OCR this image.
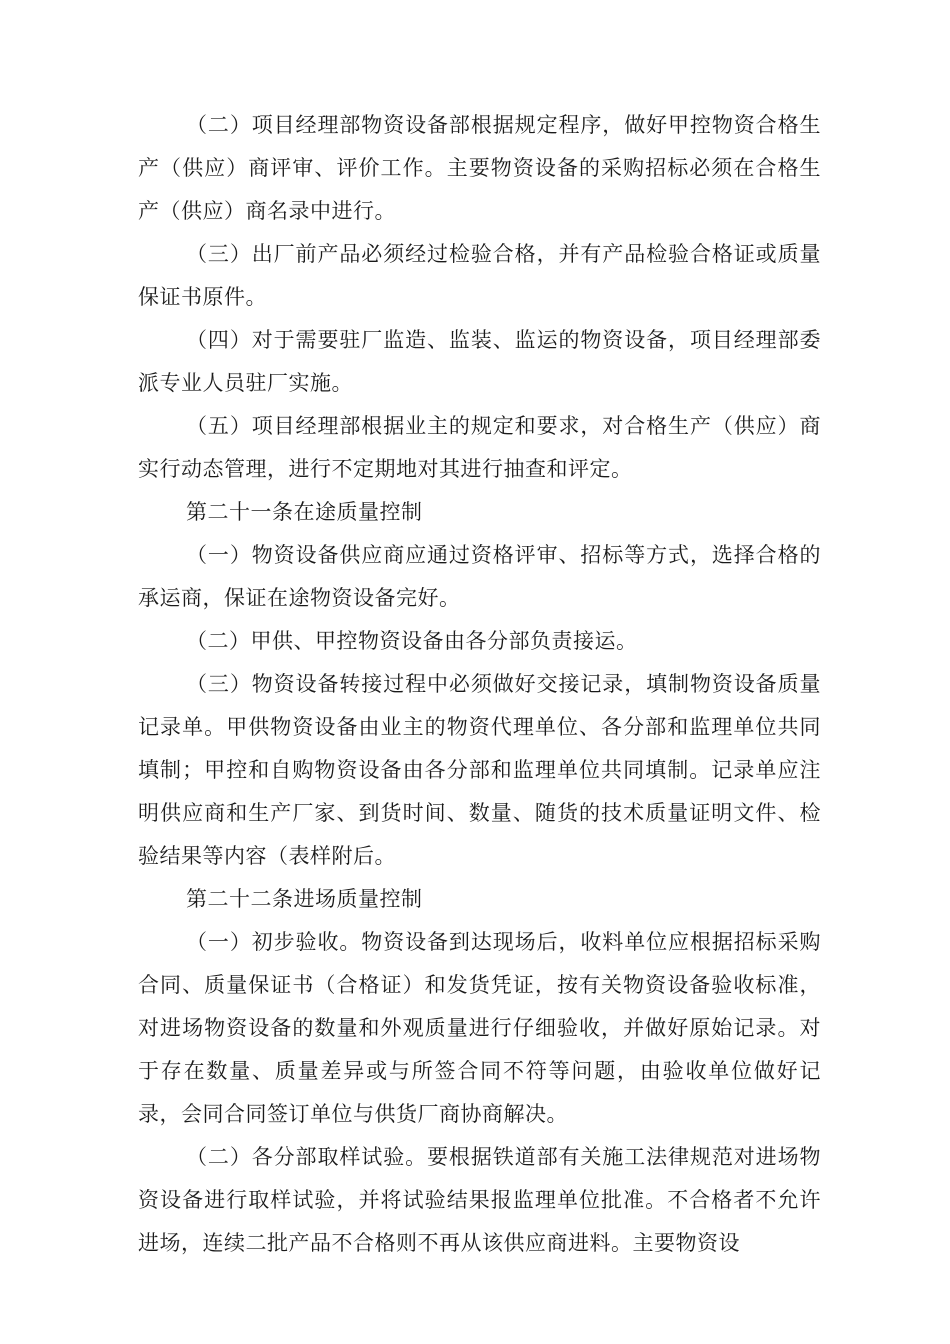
（二）项目经理部物资设备部根据规定程序，做好甲控物资合格生产（供应）商评审、评价工作。主要物资设备的采购招标必须在合格生产（供应）商名录中进行。

（三）出厂前产品必须经过检验合格，并有产品检验合格证或质量保证书原件。

（四）对于需要驻厂监造、监装、监运的物资设备，项目经理部委派专业人员驻厂实施。

（五）项目经理部根据业主的规定和要求，对合格生产（供应）商实行动态管理，进行不定期地对其进行抽查和评定。

第二十一条在途质量控制

（一）物资设备供应商应通过资格评审、招标等方式，选择合格的承运商，保证在途物资设备完好。

（二）甲供、甲控物资设备由各分部负责接运。

（三）物资设备转接过程中必须做好交接记录，填制物资设备质量记录单。甲供物资设备由业主的物资代理单位、各分部和监理单位共同填制；甲控和自购物资设备由各分部和监理单位共同填制。记录单应注明供应商和生产厂家、到货时间、数量、随货的技术质量证明文件、检验结果等内容（表样附后。

第二十二条进场质量控制

（一）初步验收。物资设备到达现场后，收料单位应根据招标采购合同、质量保证书（合格证）和发货凭证，按有关物资设备验收标准，对进场物资设备的数量和外观质量进行仔细验收，并做好原始记录。对于存在数量、质量差异或与所签合同不符等问题，由验收单位做好记录，会同合同签订单位与供货厂商协商解决。

（二）各分部取样试验。要根据铁道部有关施工法律规范对进场物资设备进行取样试验，并将试验结果报监理单位批准。不合格者不允许进场，连续二批产品不合格则不再从该供应商进料。主要物资设
